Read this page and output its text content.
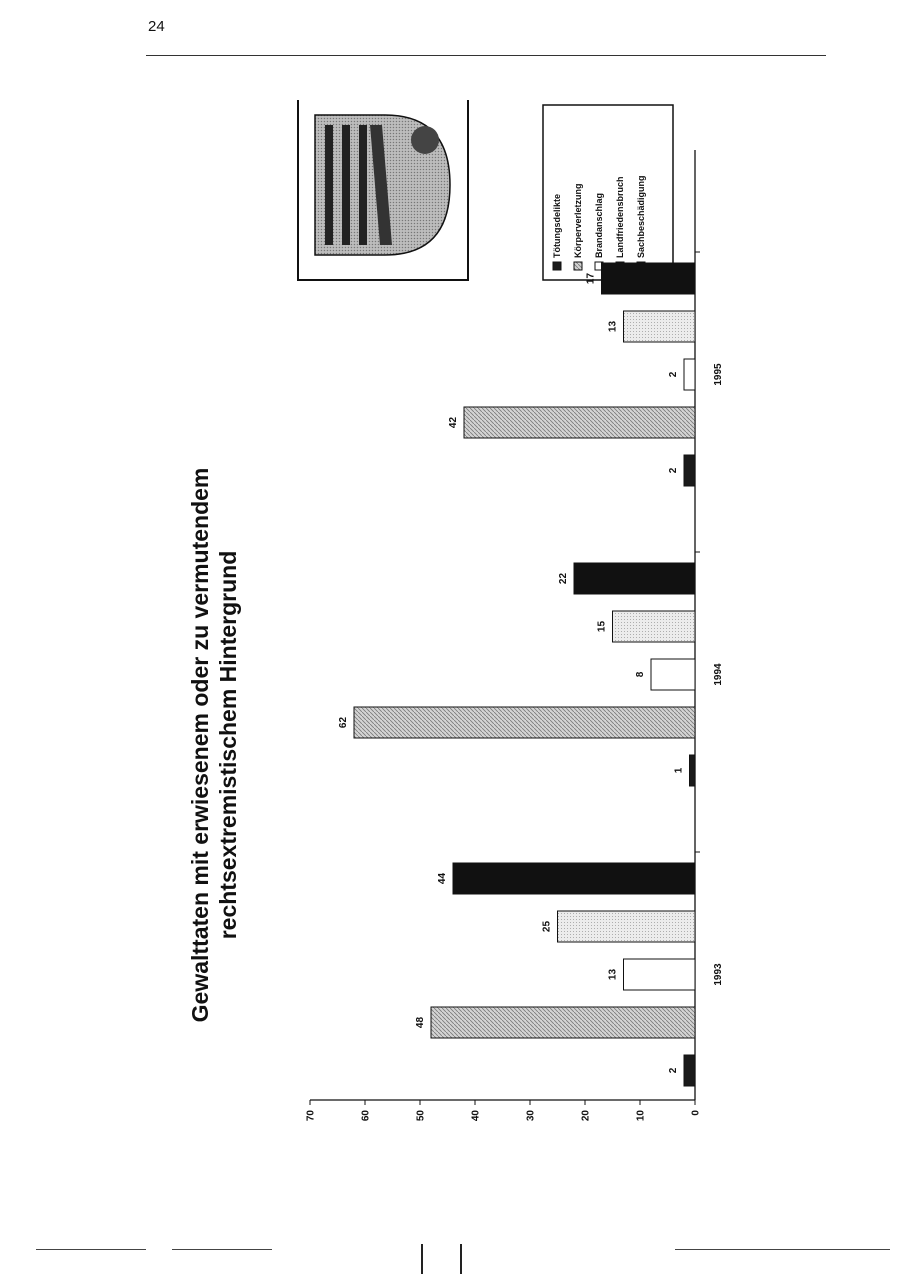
24
Gewalttaten mit erwiesenem oder zu vermutendem rechtsextremistischem Hintergrund
Tötungsdelikte Körperverletzung Brandanschlag Landfriedensbruch Sachbeschädigung
0
10
20
30
40
50
60
70
2
48
13
25
44
1
62
8
15
22
2
42
2
13
17
1993
1994
1995
